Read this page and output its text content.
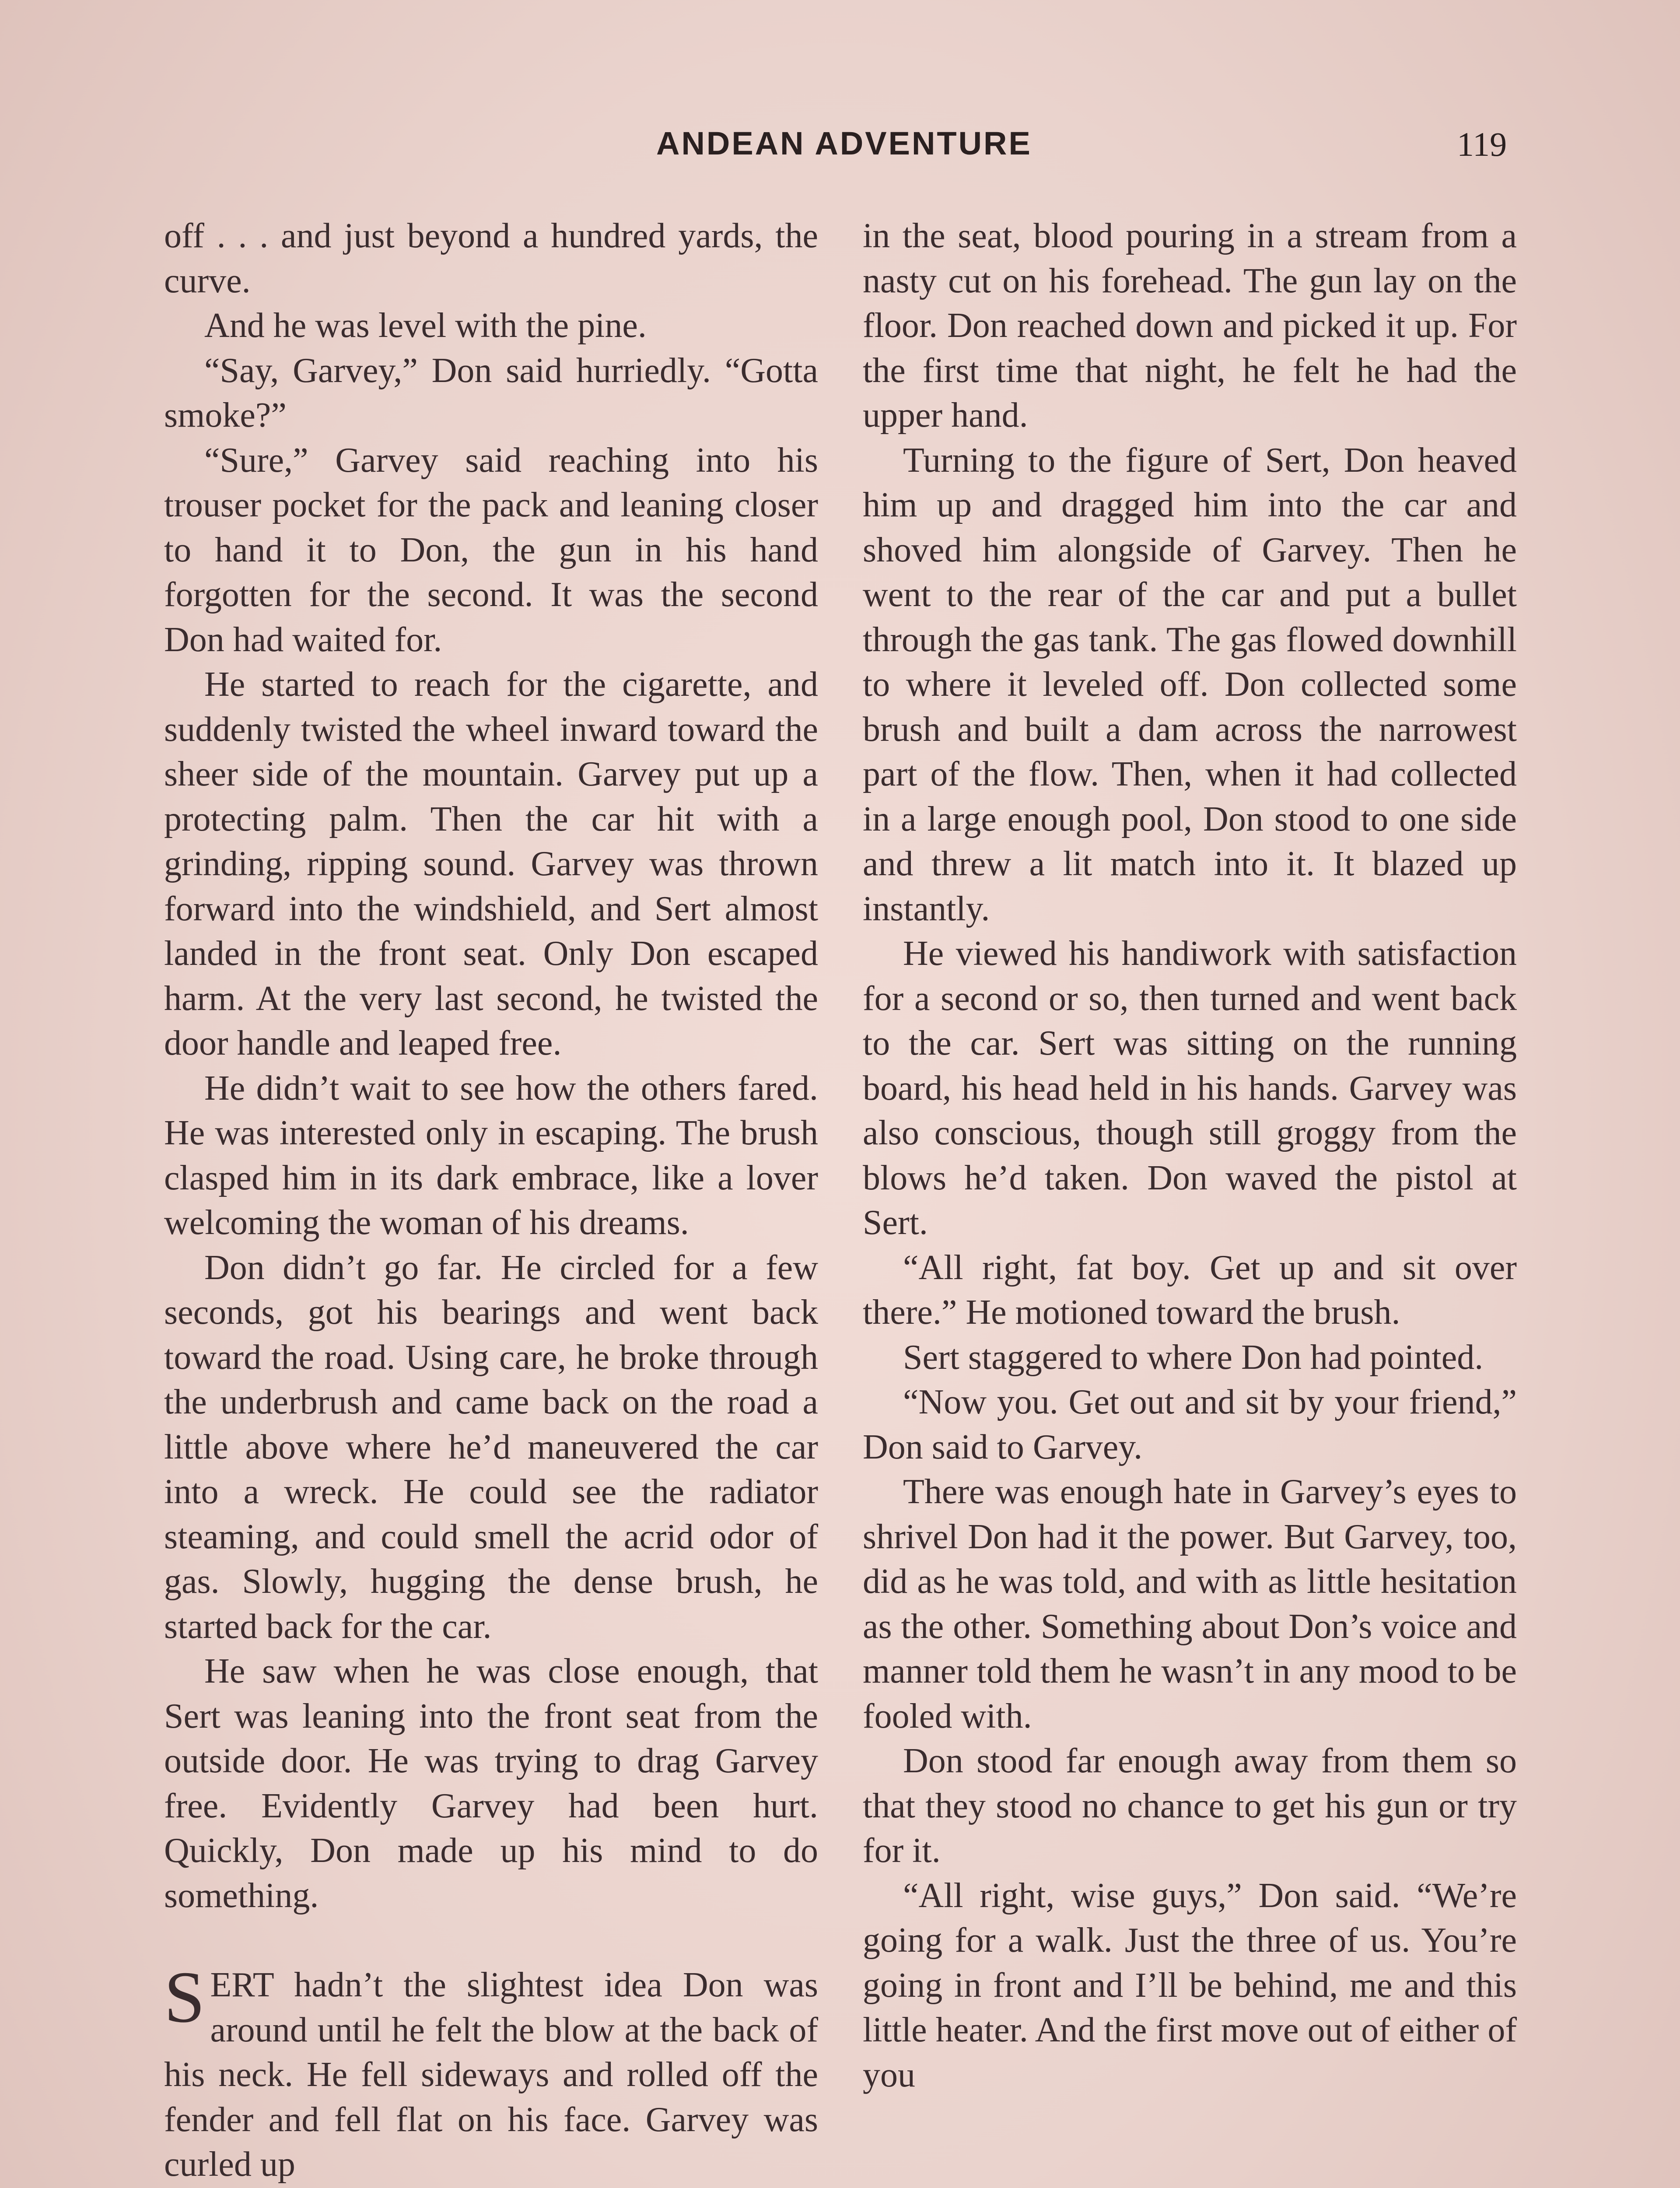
ANDEAN ADVENTURE	119

off . . . and just beyond a hundred yards, the curve.

And he was level with the pine.

“Say, Garvey,” Don said hurriedly. “Gotta smoke?”

“Sure,” Garvey said reaching into his trouser pocket for the pack and leaning closer to hand it to Don, the gun in his hand forgotten for the second. It was the second Don had waited for.

He started to reach for the cigarette, and suddenly twisted the wheel inward toward the sheer side of the mountain. Garvey put up a protecting palm. Then the car hit with a grinding, ripping sound. Garvey was thrown forward into the windshield, and Sert almost landed in the front seat. Only Don escaped harm. At the very last second, he twisted the door handle and leaped free.

He didn’t wait to see how the others fared. He was interested only in escaping. The brush clasped him in its dark embrace, like a lover welcoming the woman of his dreams.

Don didn’t go far. He circled for a few seconds, got his bearings and went back toward the road. Using care, he broke through the underbrush and came back on the road a little above where he’d maneuvered the car into a wreck. He could see the radiator steaming, and could smell the acrid odor of gas. Slowly, hugging the dense brush, he started back for the car.

He saw when he was close enough, that Sert was leaning into the front seat from the outside door. He was trying to drag Garvey free. Evidently Garvey had been hurt. Quickly, Don made up his mind to do something.

SERT hadn’t the slightest idea Don was around until he felt the blow at the back of his neck. He fell sideways and rolled off the fender and fell flat on his face. Garvey was curled up

in the seat, blood pouring in a stream from a nasty cut on his forehead. The gun lay on the floor. Don reached down and picked it up. For the first time that night, he felt he had the upper hand.

Turning to the figure of Sert, Don heaved him up and dragged him into the car and shoved him alongside of Garvey. Then he went to the rear of the car and put a bullet through the gas tank. The gas flowed downhill to where it leveled off. Don collected some brush and built a dam across the narrowest part of the flow. Then, when it had collected in a large enough pool, Don stood to one side and threw a lit match into it. It blazed up instantly.

He viewed his handiwork with satisfaction for a second or so, then turned and went back to the car. Sert was sitting on the running board, his head held in his hands. Garvey was also conscious, though still groggy from the blows he’d taken. Don waved the pistol at Sert.

“All right, fat boy. Get up and sit over there.” He motioned toward the brush.

Sert staggered to where Don had pointed.

“Now you. Get out and sit by your friend,” Don said to Garvey.

There was enough hate in Garvey’s eyes to shrivel Don had it the power. But Garvey, too, did as he was told, and with as little hesitation as the other. Something about Don’s voice and manner told them he wasn’t in any mood to be fooled with.

Don stood far enough away from them so that they stood no chance to get his gun or try for it.

“All right, wise guys,” Don said. “We’re going for a walk. Just the three of us. You’re going in front and I’ll be behind, me and this little heater. And the first move out of either of you
